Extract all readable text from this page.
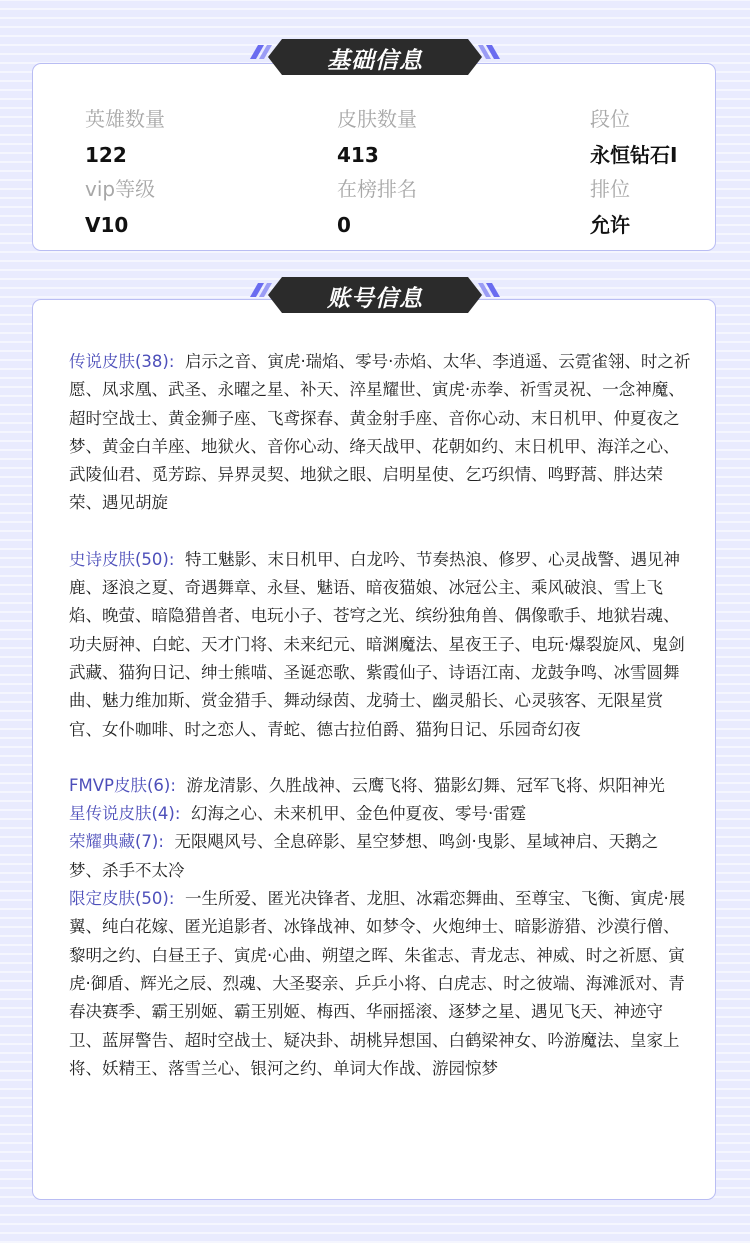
英雄数量
122
皮肤数量
413
段位
永恒钻石I
vip等级
V10
在榜排名
0
排位
允许
基础信息

传说皮肤(38): 启示之音、寅虎·瑞焰、零号·赤焰、太华、李逍遥、云霓雀翎、时之祈愿、凤求凰、武圣、永曜之星、补天、淬星耀世、寅虎·赤拳、祈雪灵祝、一念神魔、超时空战士、黄金狮子座、飞鸢探春、黄金射手座、音你心动、末日机甲、仲夏夜之梦、黄金白羊座、地狱火、音你心动、绛天战甲、花朝如约、末日机甲、海洋之心、武陵仙君、觅芳踪、异界灵契、地狱之眼、启明星使、乞巧织情、鸣野蒿、胖达荣荣、遇见胡旋

史诗皮肤(50): 特工魅影、末日机甲、白龙吟、节奏热浪、修罗、心灵战警、遇见神鹿、逐浪之夏、奇遇舞章、永昼、魅语、暗夜猫娘、冰冠公主、乘风破浪、雪上飞焰、晚萤、暗隐猎兽者、电玩小子、苍穹之光、缤纷独角兽、偶像歌手、地狱岩魂、功夫厨神、白蛇、天才门将、未来纪元、暗渊魔法、星夜王子、电玩·爆裂旋风、鬼剑武藏、猫狗日记、绅士熊喵、圣诞恋歌、紫霞仙子、诗语江南、龙鼓争鸣、冰雪圆舞曲、魅力维加斯、赏金猎手、舞动绿茵、龙骑士、幽灵船长、心灵骇客、无限星赏官、女仆咖啡、时之恋人、青蛇、德古拉伯爵、猫狗日记、乐园奇幻夜

FMVP皮肤(6): 游龙清影、久胜战神、云鹰飞将、猫影幻舞、冠军飞将、炽阳神光

星传说皮肤(4): 幻海之心、未来机甲、金色仲夏夜、零号·雷霆

荣耀典藏(7): 无限飓风号、全息碎影、星空梦想、鸣剑·曳影、星域神启、天鹅之梦、杀手不太冷

限定皮肤(50): 一生所爱、匿光决锋者、龙胆、冰霜恋舞曲、至尊宝、飞衡、寅虎·展翼、纯白花嫁、匿光追影者、冰锋战神、如梦令、火炮绅士、暗影游猎、沙漠行僧、黎明之约、白昼王子、寅虎·心曲、朔望之晖、朱雀志、青龙志、神威、时之祈愿、寅虎·御盾、辉光之辰、烈魂、大圣娶亲、乒乒小将、白虎志、时之彼端、海滩派对、青春决赛季、霸王别姬、霸王别姬、梅西、华丽摇滚、逐梦之星、遇见飞天、神迹守卫、蓝屏警告、超时空战士、疑决卦、胡桃异想国、白鹤梁神女、吟游魔法、皇家上将、妖精王、落雪兰心、银河之约、单词大作战、游园惊梦

账号信息
